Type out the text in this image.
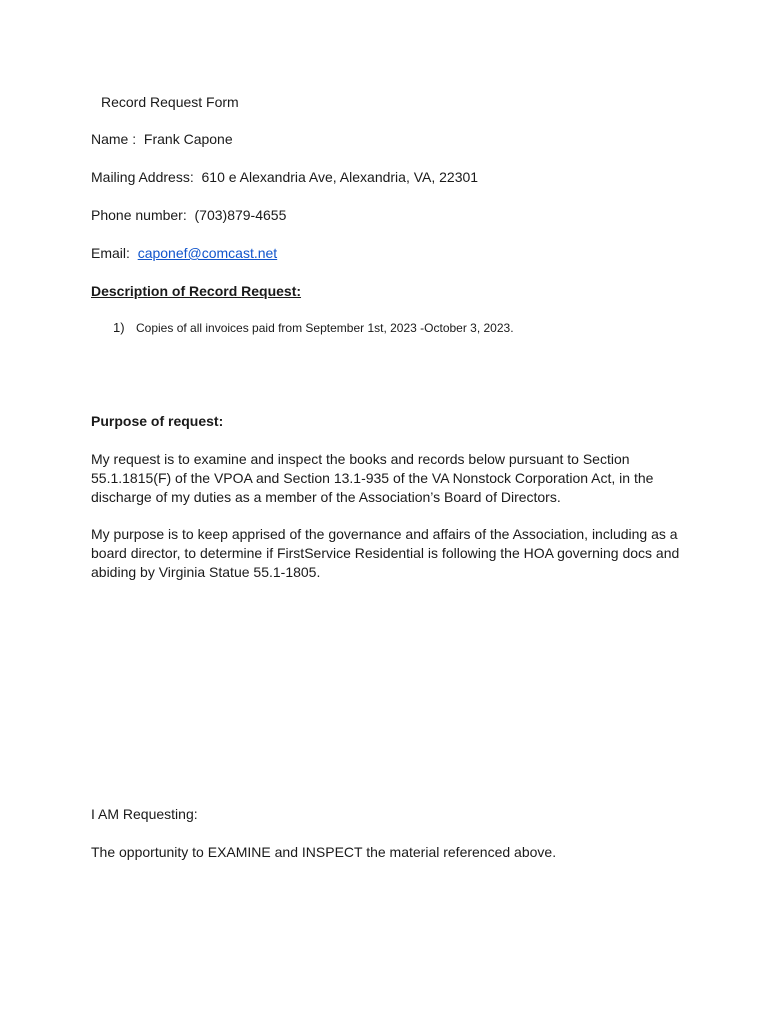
Record Request Form
Name : Frank Capone
Mailing Address: 610 e Alexandria Ave, Alexandria, VA, 22301
Phone number: (703)879-4655
Email: caponef@comcast.net
Description of Record Request:
1) Copies of all invoices paid from September 1st, 2023 -October 3, 2023.
Purpose of request:
My request is to examine and inspect the books and records below pursuant to Section
55.1.1815(F) of the VPOA and Section 13.1-935 of the VA Nonstock Corporation Act, in the
discharge of my duties as a member of the Association’s Board of Directors.
My purpose is to keep apprised of the governance and affairs of the Association, including as a
board director, to determine if FirstService Residential is following the HOA governing docs and
abiding by Virginia Statue 55.1-1805.
I AM Requesting:
The opportunity to EXAMINE and INSPECT the material referenced above.
